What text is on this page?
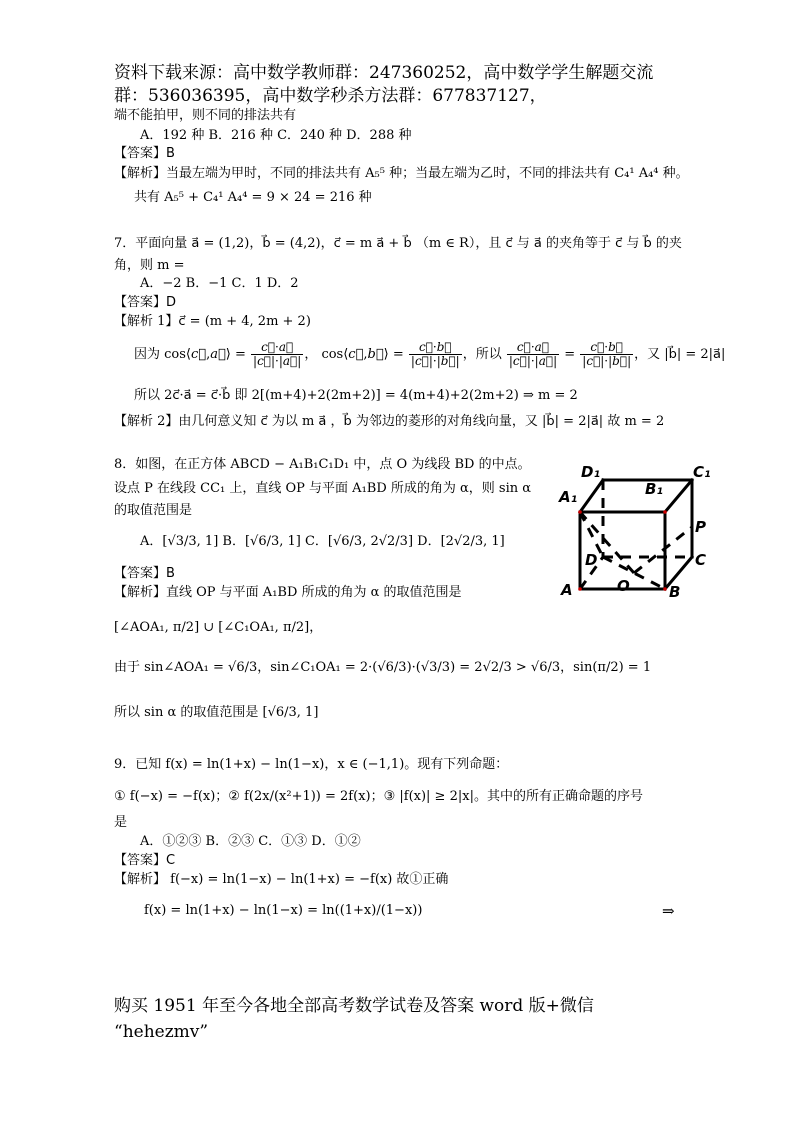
资料下载来源：高中数学教师群：247360252，高中数学学生解题交流
群：536036395，高中数学秒杀方法群：677837127，
端不能拍甲，则不同的排法共有
A．192 种 B．216 种 C．240 种 D．288 种
【答案】B
【解析】当最左端为甲时，不同的排法共有 A₅⁵ 种；当最左端为乙时，不同的排法共有 C₄¹ A₄⁴ 种。
共有 A₅⁵ + C₄¹ A₄⁴ = 9 × 24 = 216 种
7．平面向量 a⃗ = (1,2)，b⃗ = (4,2)，c⃗ = m a⃗ + b⃗ （m ∈ R），且 c⃗ 与 a⃗ 的夹角等于 c⃗ 与 b⃗ 的夹
角，则 m =
A．−2 B．−1 C．1 D．2
【答案】D
【解析 1】c⃗ = (m + 4, 2m + 2)
因为 cos⟨c⃗,a⃗⟩ = $\frac{c⃗\cdot a⃗}{|c⃗|\cdot|a⃗|}$ ， cos⟨c⃗,b⃗⟩ = $\frac{c⃗\cdot b⃗}{|c⃗|\cdot|b⃗|}$ ，所以 $\frac{c⃗\cdot a⃗}{|c⃗|\cdot|a⃗|} = \frac{c⃗\cdot b⃗}{|c⃗|\cdot|b⃗|}$ ，又 |b⃗| = 2|a⃗|
所以 2c⃗·a⃗ = c⃗·b⃗ 即 2[(m+4)+2(2m+2)] = 4(m+4)+2(2m+2) ⇒ m = 2
【解析 2】由几何意义知 c⃗ 为以 m a⃗ ，b⃗ 为邻边的菱形的对角线向量，又 |b⃗| = 2|a⃗| 故 m = 2
8．如图，在正方体 ABCD − A₁B₁C₁D₁ 中，点 O 为线段 BD 的中点。
设点 P 在线段 CC₁ 上，直线 OP 与平面 A₁BD 所成的角为 α，则 sin α
的取值范围是
A．[√3/3, 1] B．[√6/3, 1] C．[√6/3, 2√2/3] D．[2√2/3, 1]
【答案】B
【解析】直线 OP 与平面 A₁BD 所成的角为 α 的取值范围是
[∠AOA₁, π/2] ∪ [∠C₁OA₁, π/2]，
由于 sin∠AOA₁ = √6/3，sin∠C₁OA₁ = 2·(√6/3)·(√3/3) = 2√2/3 > √6/3，sin(π/2) = 1
所以 sin α 的取值范围是 [√6/3, 1]
D₁	C₁
A₁	B₁
P
D	C
O
A	B
9．已知 f(x) = ln(1+x) − ln(1−x)，x ∈ (−1,1)。现有下列命题：
① f(−x) = −f(x)；② f(2x/(x²+1)) = 2f(x)；③ |f(x)| ≥ 2|x|。其中的所有正确命题的序号
是
A．①②③ B．②③ C．①③ D．①②
【答案】C
【解析】 f(−x) = ln(1−x) − ln(1+x) = −f(x) 故①正确
f(x) = ln(1+x) − ln(1−x) = ln((1+x)/(1−x))	⇒
购买 1951 年至今各地全部高考数学试卷及答案 word 版+微信
“hehezmv”
